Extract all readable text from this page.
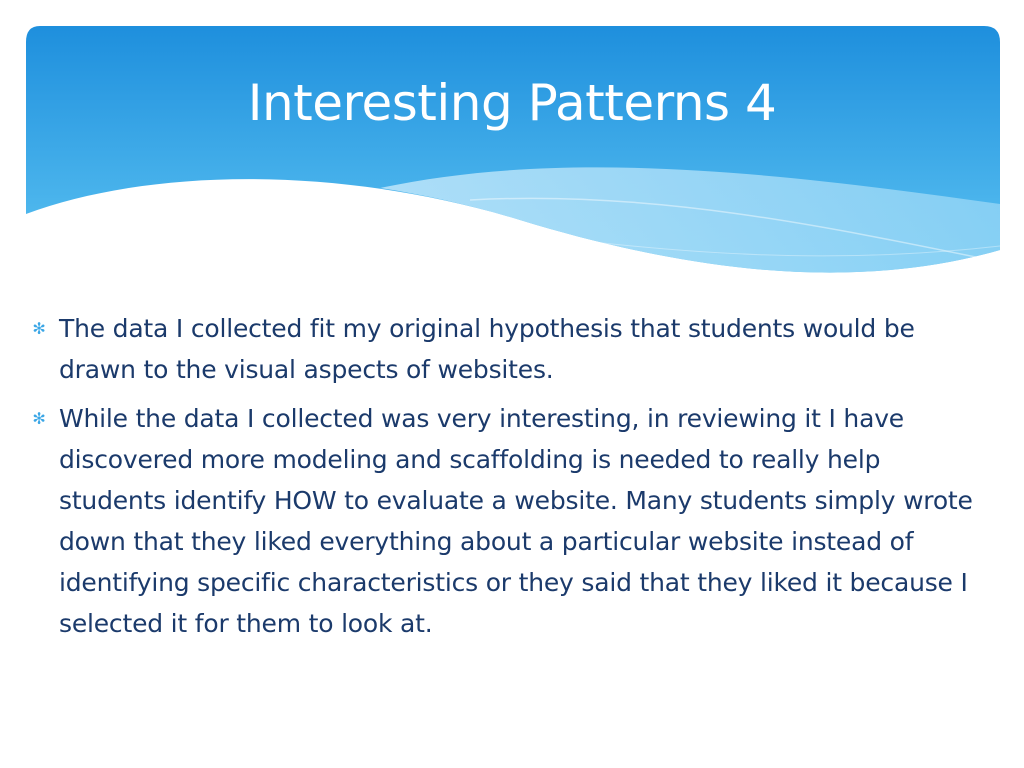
Interesting Patterns 4
✻ The data I collected fit my original hypothesis that students would be drawn to the visual aspects of websites.
✻ While the data I collected was very interesting, in reviewing it I have discovered more modeling and scaffolding is needed to really help students identify HOW to evaluate a website. Many students simply wrote down that they liked everything about a particular website instead of identifying specific characteristics or they said that they liked it because I selected it for them to look at.
